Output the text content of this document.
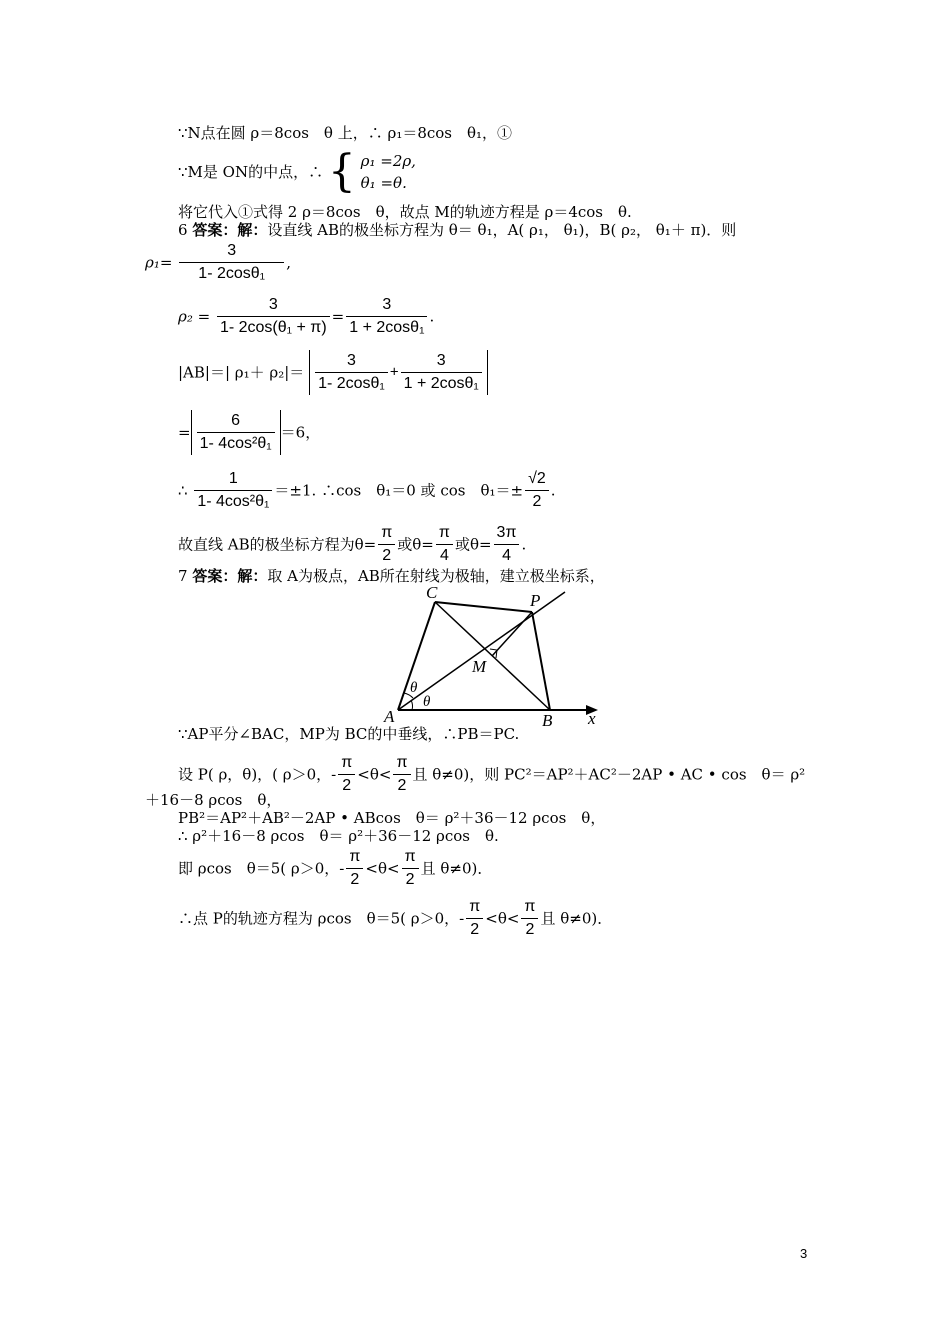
∵N点在圆 ρ＝8cos　θ 上，∴ ρ₁＝8cos　θ₁，①
∵M是 ON的中点，∴ { ρ₁ =2ρ,
θ₁ =θ.
将它代入①式得 2 ρ＝8cos　θ，故点 M的轨迹方程是 ρ＝4cos　θ.
6 答案：解：设直线 AB的极坐标方程为 θ＝ θ₁，A( ρ₁， θ₁)，B( ρ₂， θ₁＋ π)．则
$\rho_1= \frac{3}{\text{1- 2cosθ₁}}$ ,
$\rho_2 = \frac{3}{\text{1- 2cos(θ₁ + π)}} = \frac{3}{\text{1 + 2cosθ₁}}$ .
|AB|＝| $\rho_1+ \rho_2|= \frac{3}{\text{1- 2cosθ₁}} + \frac{3}{\text{1 + 2cosθ₁}}$
= $\frac{6}{\text{1- 4cos²θ₁}} =6$，
∴ $\frac{1}{\text{1- 4cos²θ₁}} =\pm 1$. ∴cos　θ₁＝0 或 cos　$\theta_1=\pm \frac{√2}{2}$ .
故直线 AB的极坐标方程为$\theta= \frac{\pi}{2}$ 或$\theta= \frac{\pi}{4}$ 或$\theta= \frac{3\pi}{4}$ .
7 答案：解：取 A为极点，AB所在射线为极轴，建立极坐标系，
C	P
M
θ
θ
A	B x
∵AP平分∠BAC，MP为 BC的中垂线，∴PB＝PC.
设 P( ρ，θ)，( ρ＞0，- $\frac{\pi}{2} <\theta< \frac{\pi}{2}$ 且 θ≠0)，则 PC²＝AP²＋AC²－2AP • AC • cos　θ＝ ρ²
＋16－8 ρcos　θ，
PB²＝AP²＋AB²－2AP • ABcos　θ＝ ρ²＋36－12 ρcos　θ，
∴ ρ²＋16－8 ρcos　θ＝ ρ²＋36－12 ρcos　θ.
即 ρcos　θ＝5( ρ＞0，- $\frac{\pi}{2} <\theta< \frac{\pi}{2}$ 且 θ≠0)．
∴点 P的轨迹方程为 ρcos　θ＝5( ρ＞0，- $\frac{\pi}{2} <\theta< \frac{\pi}{2}$ 且 θ≠0)．
3
